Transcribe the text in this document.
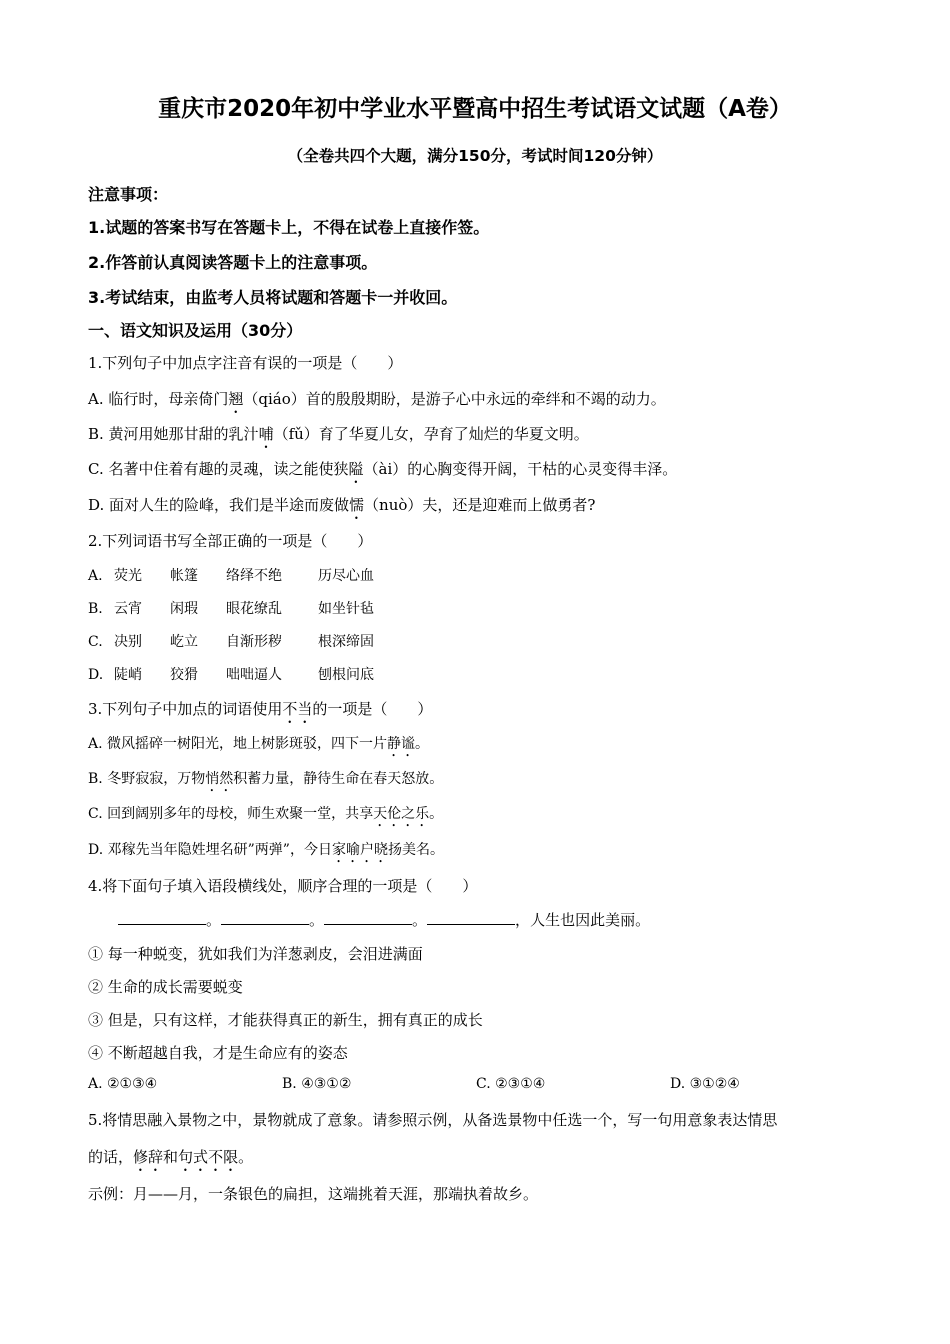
重庆市2020年初中学业水平暨高中招生考试语文试题（A卷）
（全卷共四个大题，满分150分，考试时间120分钟）
注意事项：
1.试题的答案书写在答题卡上，不得在试卷上直接作签。
2.作答前认真阅读答题卡上的注意事项。
3.考试结束，由监考人员将试题和答题卡一并收回。
一、语文知识及运用（30分）
1.下列句子中加点字注音有误的一项是（　　）
A. 临行时，母亲倚门翘（qiáo）首的殷殷期盼，是游子心中永远的牵绊和不竭的动力。
B. 黄河用她那甘甜的乳汁哺（fǔ）育了华夏儿女，孕育了灿烂的华夏文明。
C. 名著中住着有趣的灵魂，读之能使狭隘（ài）的心胸变得开阔，干枯的心灵变得丰泽。
D. 面对人生的险峰，我们是半途而废做懦（nuò）夫，还是迎难而上做勇者?
2.下列词语书写全部正确的一项是（　　）
A. 荧光 帐篷 络绎不绝	历尽心血
B. 云宵 闲瑕 眼花缭乱	如坐针毡
C. 决别 屹立 自渐形秽	根深缔固
D. 陡峭 狡猾 咄咄逼人	刨根问底
3.下列句子中加点的词语使用不当的一项是（　　）
A. 微风摇碎一树阳光，地上树影斑驳，四下一片静谧。
B. 冬野寂寂，万物悄然积蓄力量，静待生命在春天怒放。
C. 回到阔别多年的母校，师生欢聚一堂，共享天伦之乐。
D. 邓稼先当年隐姓埋名研”两弹”，今日家喻户晓扬美名。
4.将下面句子填入语段横线处，顺序合理的一项是（　　）
。	。	。	，人生也因此美丽。
① 每一种蜕变，犹如我们为洋葱剥皮，会泪进满面
② 生命的成长需要蜕变
③ 但是，只有这样，才能获得真正的新生，拥有真正的成长
④ 不断超越自我，才是生命应有的姿态
A. ②①③④	B. ④③①②	C. ②③①④	D. ③①②④
5.将情思融入景物之中，景物就成了意象。请参照示例，从备选景物中任选一个，写一句用意象表达情思
的话，修辞和句式不限。
示例：月——月，一条银色的扁担，这端挑着天涯，那端执着故乡。
